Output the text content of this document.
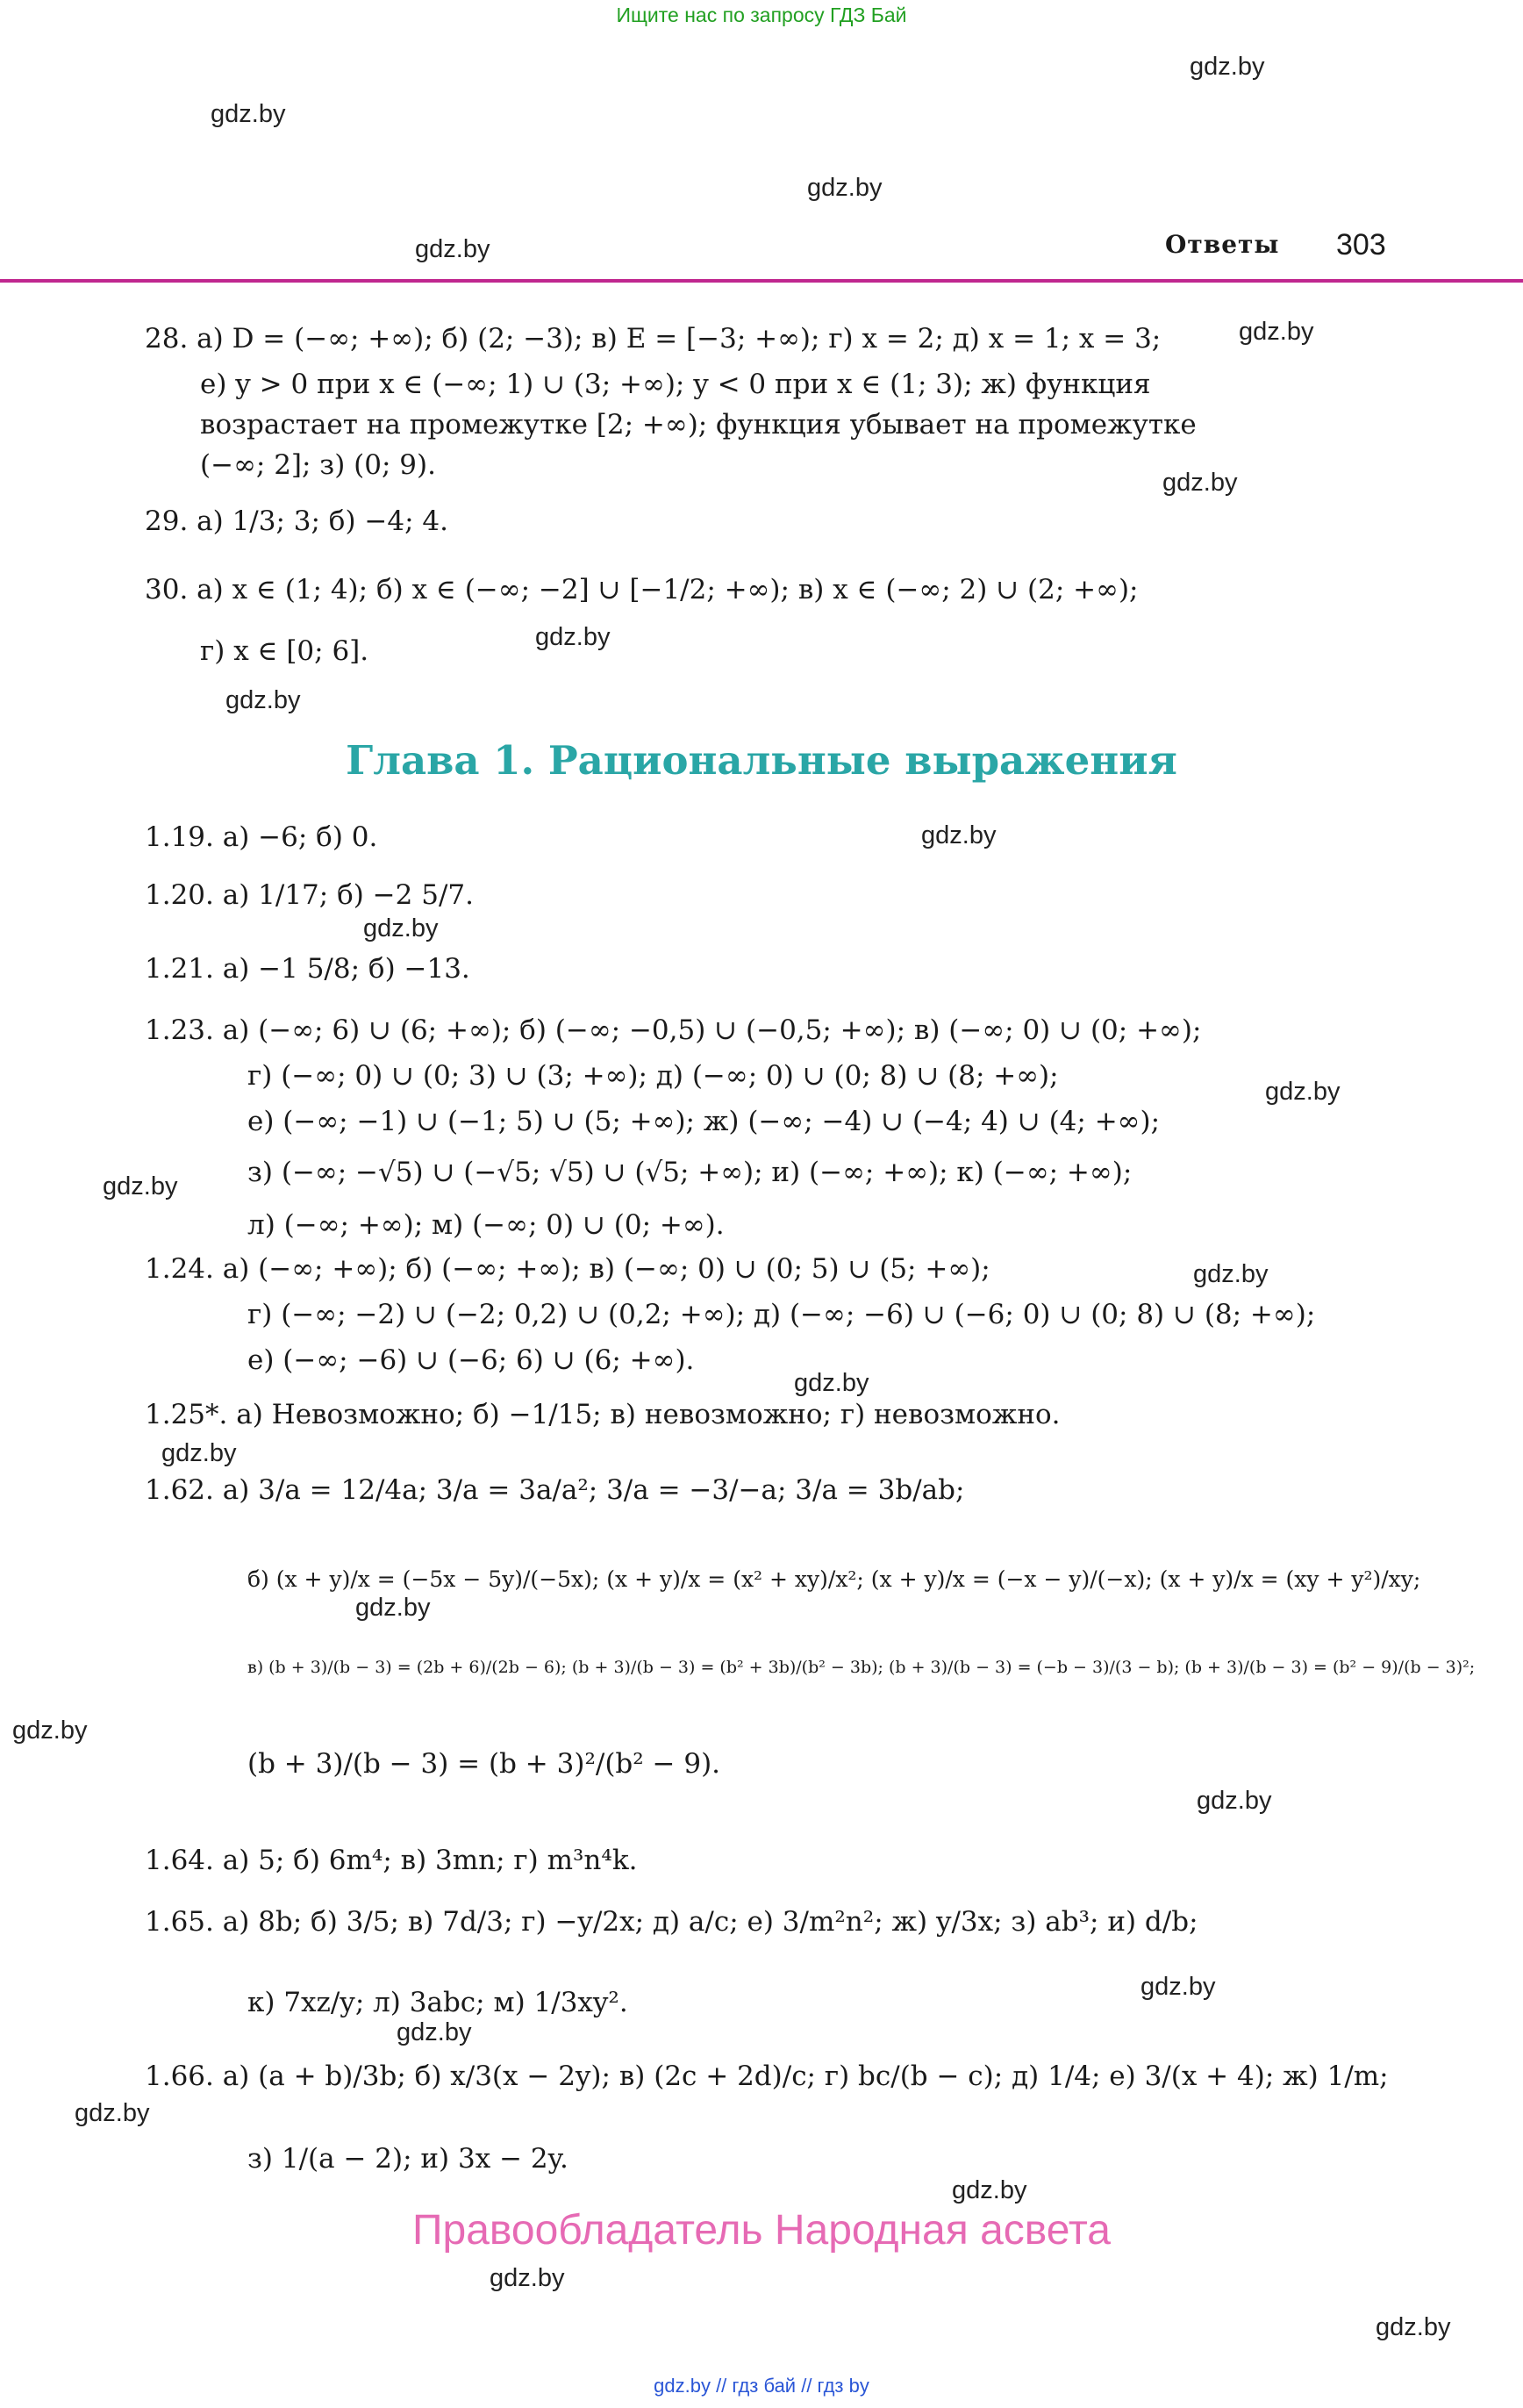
Ищите нас по запросу ГДЗ Бай
gdz.by
gdz.by
gdz.by
gdz.by	Ответы 303
28. а) D = (−∞; +∞); б) (2; −3); в) E = [−3; +∞); г) x = 2; д) x = 1; x = 3;
е) y > 0 при x ∈ (−∞; 1) ∪ (3; +∞); y < 0 при x ∈ (1; 3); ж) функция
возрастает на промежутке [2; +∞); функция убывает на промежутке
(−∞; 2]; з) (0; 9).
29. а) 1/3; 3; б) −4; 4.
30. а) x ∈ (1; 4); б) x ∈ (−∞; −2] ∪ [−1/2; +∞); в) x ∈ (−∞; 2) ∪ (2; +∞);
г) x ∈ [0; 6].
gdz.by
gdz.by
gdz.by
gdz.by
Глава 1. Рациональные выражения
1.19. а) −6; б) 0.
1.20. а) 1/17; б) −2 5/7.
1.21. а) −1 5/8; б) −13.
1.23. а) (−∞; 6) ∪ (6; +∞); б) (−∞; −0,5) ∪ (−0,5; +∞); в) (−∞; 0) ∪ (0; +∞);
г) (−∞; 0) ∪ (0; 3) ∪ (3; +∞); д) (−∞; 0) ∪ (0; 8) ∪ (8; +∞);
е) (−∞; −1) ∪ (−1; 5) ∪ (5; +∞); ж) (−∞; −4) ∪ (−4; 4) ∪ (4; +∞);
з) (−∞; −√5) ∪ (−√5; √5) ∪ (√5; +∞); и) (−∞; +∞); к) (−∞; +∞);
л) (−∞; +∞); м) (−∞; 0) ∪ (0; +∞).
1.24. а) (−∞; +∞); б) (−∞; +∞); в) (−∞; 0) ∪ (0; 5) ∪ (5; +∞);
г) (−∞; −2) ∪ (−2; 0,2) ∪ (0,2; +∞); д) (−∞; −6) ∪ (−6; 0) ∪ (0; 8) ∪ (8; +∞);
е) (−∞; −6) ∪ (−6; 6) ∪ (6; +∞).
1.25*. а) Невозможно; б) −1/15; в) невозможно; г) невозможно.
1.62. а) 3/a = 12/4a; 3/a = 3a/a²; 3/a = −3/−a; 3/a = 3b/ab;
б) (x + y)/x = (−5x − 5y)/(−5x); (x + y)/x = (x² + xy)/x²; (x + y)/x = (−x − y)/(−x); (x + y)/x = (xy + y²)/xy;
в) (b + 3)/(b − 3) = (2b + 6)/(2b − 6); (b + 3)/(b − 3) = (b² + 3b)/(b² − 3b); (b + 3)/(b − 3) = (−b − 3)/(3 − b); (b + 3)/(b − 3) = (b² − 9)/(b − 3)²;
(b + 3)/(b − 3) = (b + 3)²/(b² − 9).
1.64. а) 5; б) 6m⁴; в) 3mn; г) m³n⁴k.
1.65. а) 8b; б) 3/5; в) 7d/3; г) −y/2x; д) a/c; е) 3/m²n²; ж) y/3x; з) ab³; и) d/b;
к) 7xz/y; л) 3abc; м) 1/3xy².
1.66. а) (a + b)/3b; б) x/3(x − 2y); в) (2c + 2d)/c; г) bc/(b − c); д) 1/4; е) 3/(x + 4); ж) 1/m;
з) 1/(a − 2); и) 3x − 2y.
gdz.by
gdz.by
gdz.by
gdz.by
gdz.by
gdz.by
gdz.by
gdz.by
gdz.by
gdz.by
gdz.by
gdz.by
gdz.by
gdz.by
Правообладатель Народная асвета
gdz.by
gdz.by
gdz.by // гдз бай // гдз by
